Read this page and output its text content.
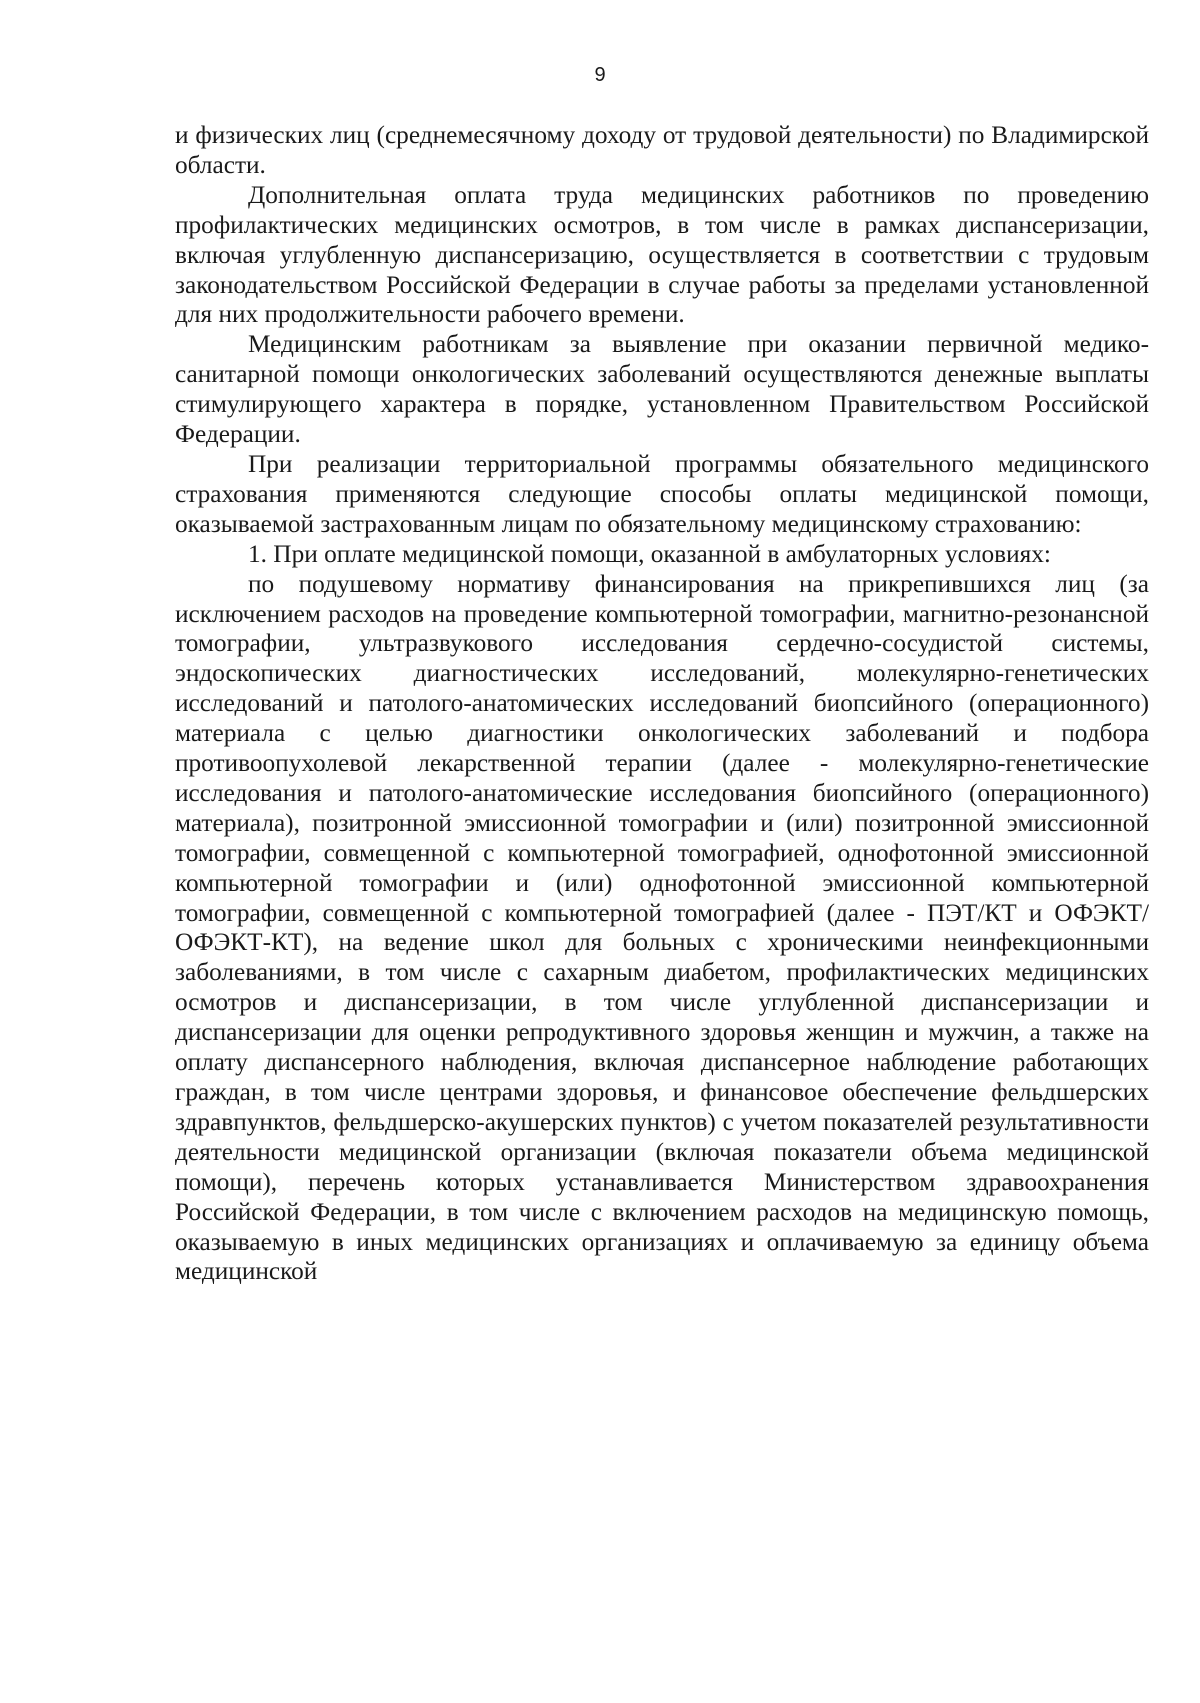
9

и физических лиц (среднемесячному доходу от трудовой деятельности) по Владимирской области.

Дополнительная оплата труда медицинских работников по проведению профилактических медицинских осмотров, в том числе в рамках диспансеризации, включая углубленную диспансеризацию, осуществляется в соответствии с трудовым законодательством Российской Федерации в случае работы за пределами установленной для них продолжительности рабочего времени.

Медицинским работникам за выявление при оказании первичной медико-санитарной помощи онкологических заболеваний осуществляются денежные выплаты стимулирующего характера в порядке, установленном Правительством Российской Федерации.

При реализации территориальной программы обязательного медицинского страхования применяются следующие способы оплаты медицинской помощи, оказываемой застрахованным лицам по обязательному медицинскому страхованию:

1. При оплате медицинской помощи, оказанной в амбулаторных условиях:

по подушевому нормативу финансирования на прикрепившихся лиц (за исключением расходов на проведение компьютерной томографии, магнитно-резонансной томографии, ультразвукового исследования сердечно-сосудистой системы, эндоскопических диагностических исследований, молекулярно-генетических исследований и патолого-анатомических исследований биопсийного (операционного) материала с целью диагностики онкологических заболеваний и подбора противоопухолевой лекарственной терапии (далее - молекулярно-генетические исследования и патолого-анатомические исследования биопсийного (операционного) материала), позитронной эмиссионной томографии и (или) позитронной эмиссионной томографии, совмещенной с компьютерной томографией, однофотонной эмиссионной компьютерной томографии и (или) однофотонной эмиссионной компьютерной томографии, совмещенной с компьютерной томографией (далее - ПЭТ/КТ и ОФЭКТ/ОФЭКТ-КТ), на ведение школ для больных с хроническими неинфекционными заболеваниями, в том числе с сахарным диабетом, профилактических медицинских осмотров и диспансеризации, в том числе углубленной диспансеризации и диспансеризации для оценки репродуктивного здоровья женщин и мужчин, а также на оплату диспансерного наблюдения, включая диспансерное наблюдение работающих граждан, в том числе центрами здоровья, и финансовое обеспечение фельдшерских здравпунктов, фельдшерско-акушерских пунктов) с учетом показателей результативности деятельности медицинской организации (включая показатели объема медицинской помощи), перечень которых устанавливается Министерством здравоохранения Российской Федерации, в том числе с включением расходов на медицинскую помощь, оказываемую в иных медицинских организациях и оплачиваемую за единицу объема медицинской
